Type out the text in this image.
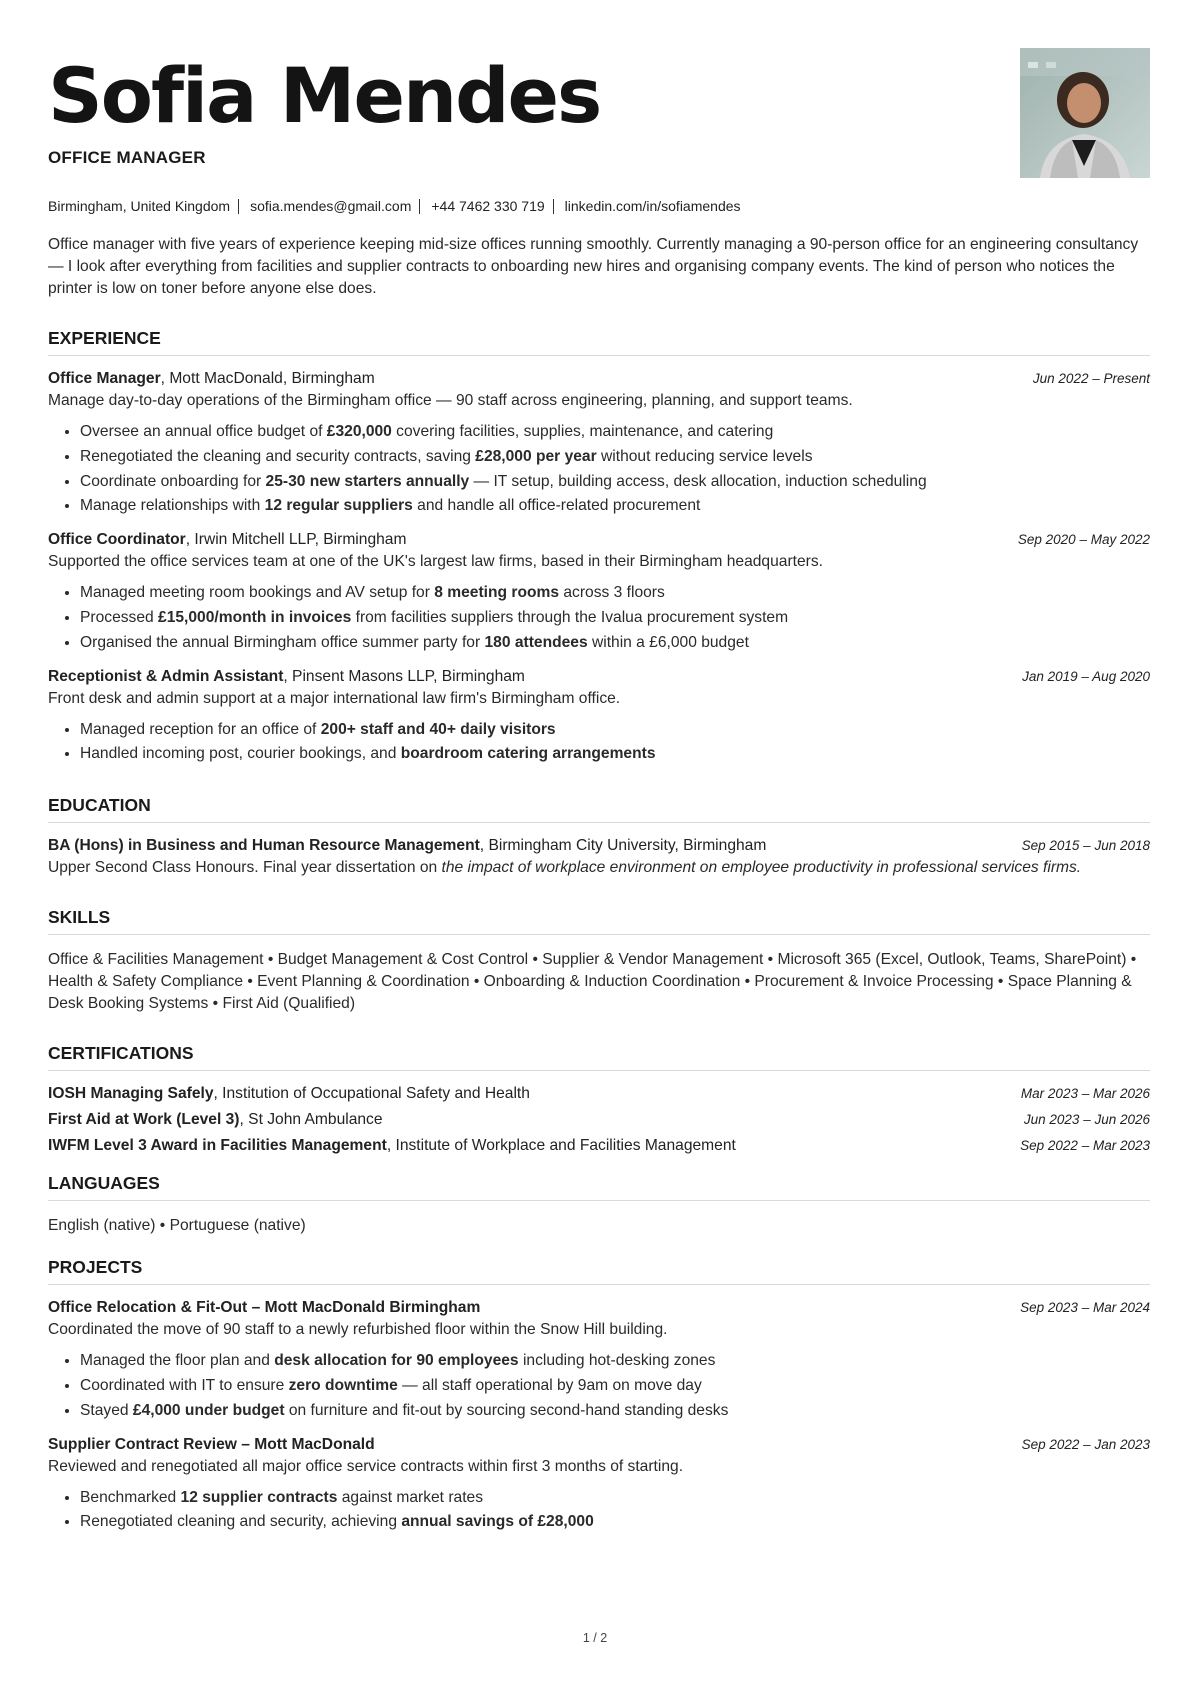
Sofia Mendes
OFFICE MANAGER
Birmingham, United Kingdom sofia.mendes@gmail.com +44 7462 330 719 linkedin.com/in/sofiamendes
Office manager with five years of experience keeping mid-size offices running smoothly. Currently managing a 90-person office for an engineering consultancy — I look after everything from facilities and supplier contracts to onboarding new hires and organising company events. The kind of person who notices the printer is low on toner before anyone else does.
EXPERIENCE
Office Manager, Mott MacDonald, Birmingham	Jun 2022 – Present
Manage day-to-day operations of the Birmingham office — 90 staff across engineering, planning, and support teams.
• Oversee an annual office budget of £320,000 covering facilities, supplies, maintenance, and catering
• Renegotiated the cleaning and security contracts, saving £28,000 per year without reducing service levels
• Coordinate onboarding for 25-30 new starters annually — IT setup, building access, desk allocation, induction scheduling
• Manage relationships with 12 regular suppliers and handle all office-related procurement
Office Coordinator, Irwin Mitchell LLP, Birmingham	Sep 2020 – May 2022
Supported the office services team at one of the UK's largest law firms, based in their Birmingham headquarters.
• Managed meeting room bookings and AV setup for 8 meeting rooms across 3 floors
• Processed £15,000/month in invoices from facilities suppliers through the Ivalua procurement system
• Organised the annual Birmingham office summer party for 180 attendees within a £6,000 budget
Receptionist & Admin Assistant, Pinsent Masons LLP, Birmingham	Jan 2019 – Aug 2020
Front desk and admin support at a major international law firm's Birmingham office.
• Managed reception for an office of 200+ staff and 40+ daily visitors
• Handled incoming post, courier bookings, and boardroom catering arrangements
EDUCATION
BA (Hons) in Business and Human Resource Management, Birmingham City University, Birmingham	Sep 2015 – Jun 2018
Upper Second Class Honours. Final year dissertation on the impact of workplace environment on employee productivity in professional services firms.
SKILLS
Office & Facilities Management • Budget Management & Cost Control • Supplier & Vendor Management • Microsoft 365 (Excel, Outlook, Teams, SharePoint) • Health & Safety Compliance • Event Planning & Coordination • Onboarding & Induction Coordination • Procurement & Invoice Processing • Space Planning & Desk Booking Systems • First Aid (Qualified)
CERTIFICATIONS
IOSH Managing Safely, Institution of Occupational Safety and Health	Mar 2023 – Mar 2026
First Aid at Work (Level 3), St John Ambulance	Jun 2023 – Jun 2026
IWFM Level 3 Award in Facilities Management, Institute of Workplace and Facilities Management	Sep 2022 – Mar 2023
LANGUAGES
English (native) • Portuguese (native)
PROJECTS
Office Relocation & Fit-Out – Mott MacDonald Birmingham	Sep 2023 – Mar 2024
Coordinated the move of 90 staff to a newly refurbished floor within the Snow Hill building.
• Managed the floor plan and desk allocation for 90 employees including hot-desking zones
• Coordinated with IT to ensure zero downtime — all staff operational by 9am on move day
• Stayed £4,000 under budget on furniture and fit-out by sourcing second-hand standing desks
Supplier Contract Review – Mott MacDonald	Sep 2022 – Jan 2023
Reviewed and renegotiated all major office service contracts within first 3 months of starting.
• Benchmarked 12 supplier contracts against market rates
• Renegotiated cleaning and security, achieving annual savings of £28,000
1 / 2
